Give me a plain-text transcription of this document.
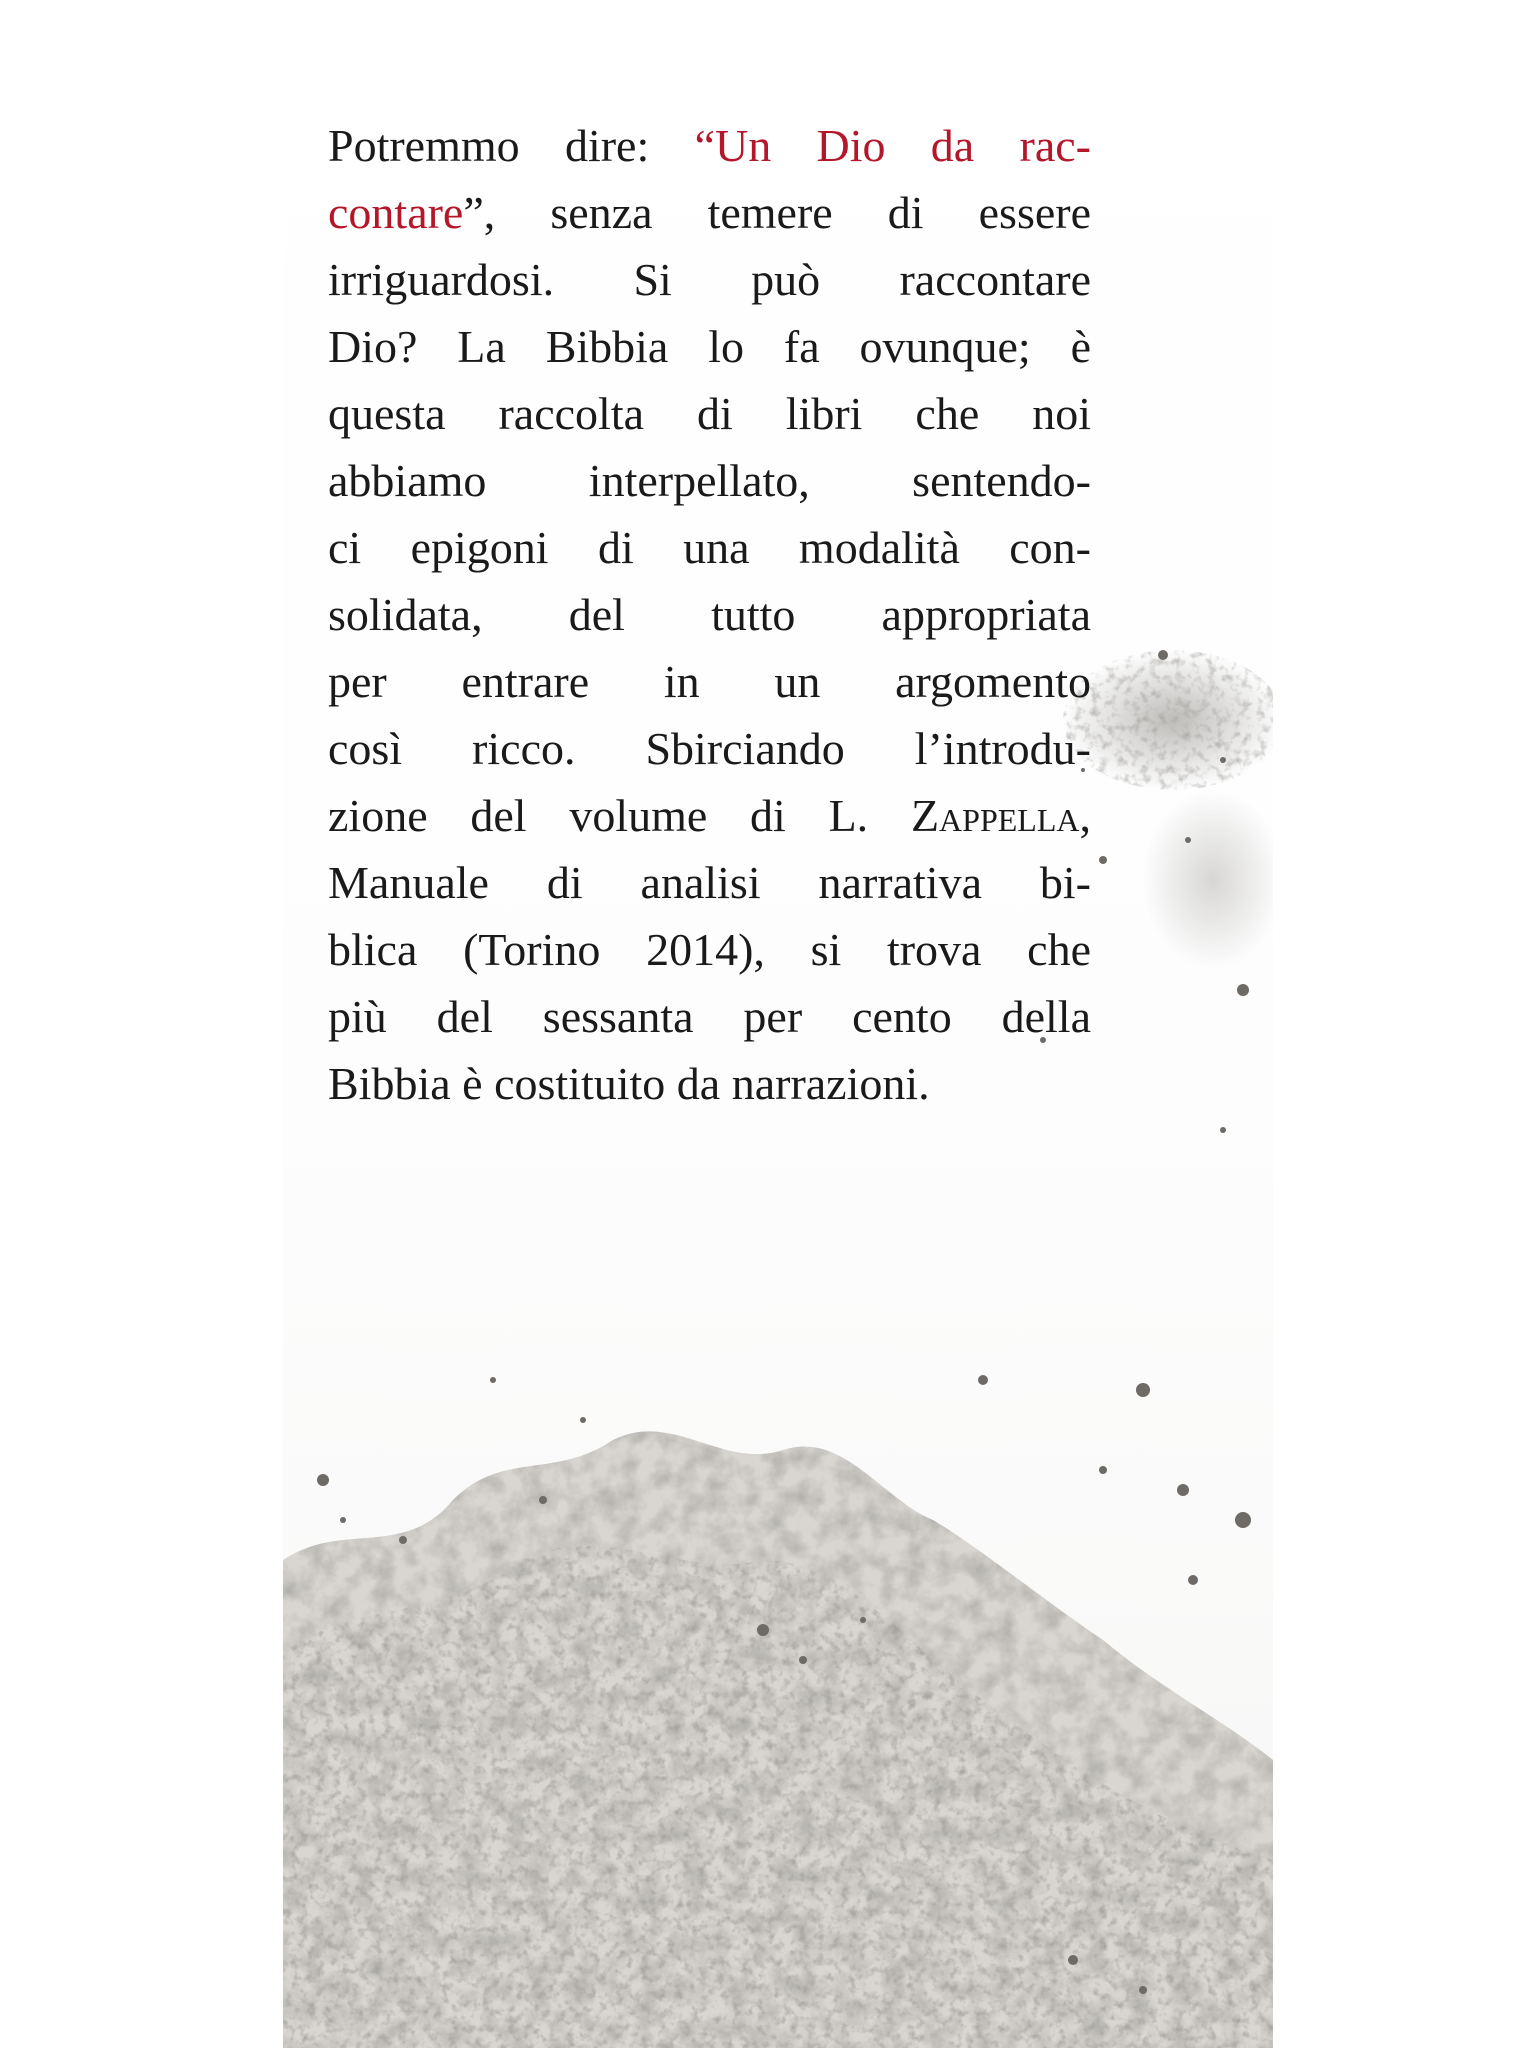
Potremmo dire: “Un Dio da rac-
contare”, senza temere di essere
irriguardosi. Si può raccontare
Dio? La Bibbia lo fa ovunque; è
questa raccolta di libri che noi
abbiamo interpellato, sentendo-
ci epigoni di una modalità con-
solidata, del tutto appropriata
per entrare in un argomento
così ricco. Sbirciando l’introdu-
zione del volume di L. Zappella,
Manuale di analisi narrativa bi-
blica (Torino 2014), si trova che
più del sessanta per cento della
Bibbia è costituito da narrazioni.
